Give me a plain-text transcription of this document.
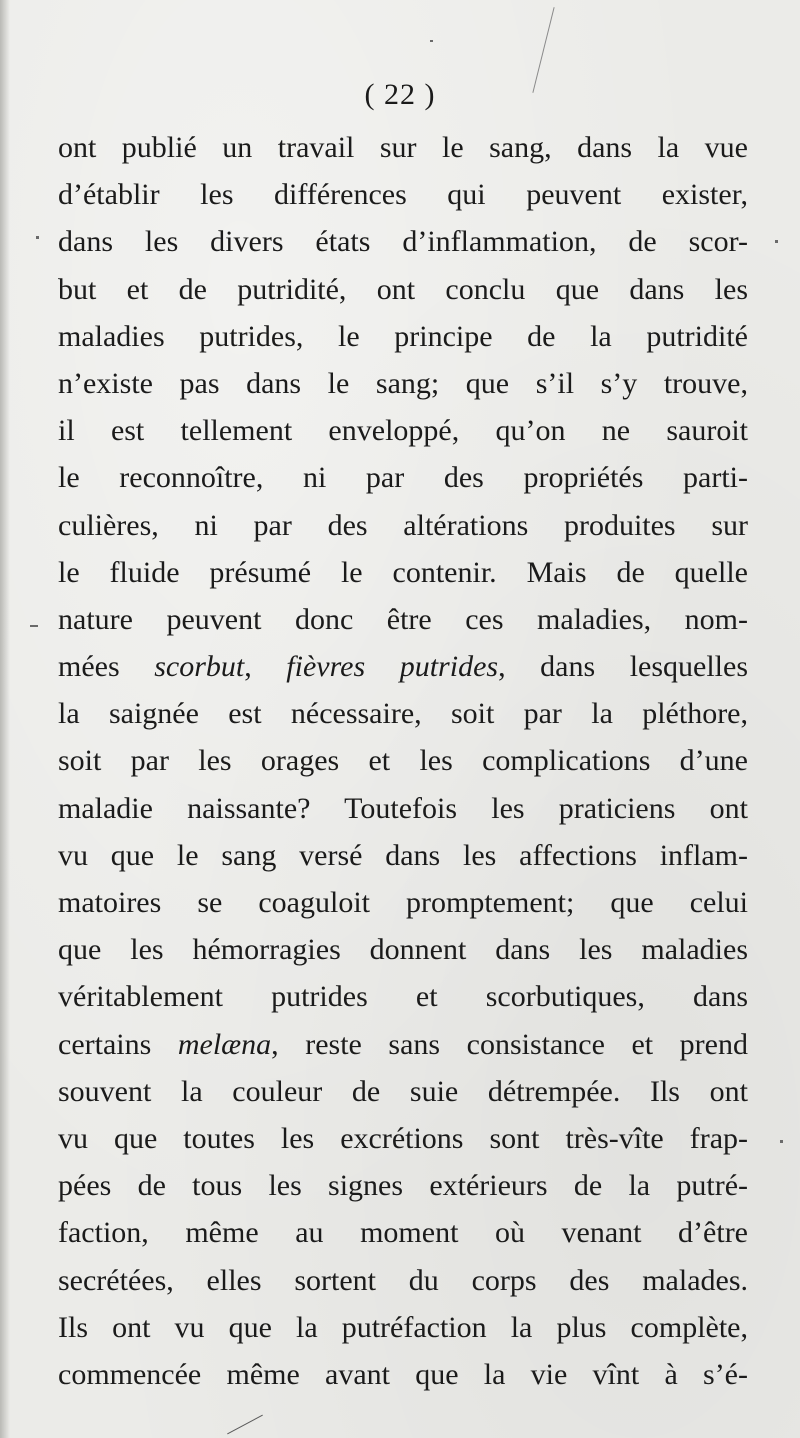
( 22 )
ont publié un travail sur le sang, dans la vue
d’établir les différences qui peuvent exister,
dans les divers états d’inflammation, de scor-
but et de putridité, ont conclu que dans les
maladies putrides, le principe de la putridité
n’existe pas dans le sang; que s’il s’y trouve,
il est tellement enveloppé, qu’on ne sauroit
le reconnoître, ni par des propriétés parti-
culières, ni par des altérations produites sur
le fluide présumé le contenir. Mais de quelle
nature peuvent donc être ces maladies, nom-
mées scorbut, fièvres putrides, dans lesquelles
la saignée est nécessaire, soit par la pléthore,
soit par les orages et les complications d’une
maladie naissante? Toutefois les praticiens ont
vu que le sang versé dans les affections inflam-
matoires se coaguloit promptement; que celui
que les hémorragies donnent dans les maladies
véritablement putrides et scorbutiques, dans
certains melæna, reste sans consistance et prend
souvent la couleur de suie détrempée. Ils ont
vu que toutes les excrétions sont très-vîte frap-
pées de tous les signes extérieurs de la putré-
faction, même au moment où venant d’être
secrétées, elles sortent du corps des malades.
Ils ont vu que la putréfaction la plus complète,
commencée même avant que la vie vînt à s’é-
